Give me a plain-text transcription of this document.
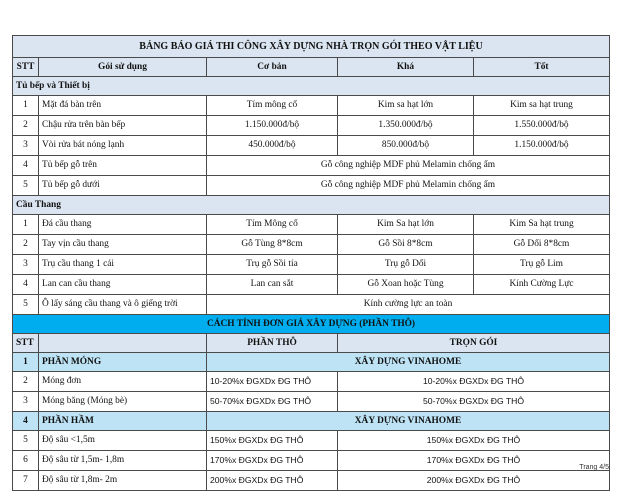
BẢNG BÁO GIÁ THI CÔNG XÂY DỰNG NHÀ TRỌN GÓI THEO VẬT LIỆU				
STT	Gói sử dụng	Cơ bản	Khá	Tốt
Tủ bếp và Thiết bị				
1	Mặt đá bàn trên	Tím mông cổ	Kim sa hạt lớn	Kim sa hạt trung
2	Chậu rửa trên bàn bếp	1.150.000đ/bộ	1.350.000đ/bộ	1.550.000đ/bộ
3	Vòi rửa bát nóng lạnh	450.000đ/bộ	850.000đ/bộ	1.150.000đ/bộ
4	Tủ bếp gỗ trên	Gỗ công nghiệp MDF phủ Melamin chống ẩm		
5	Tủ bếp gỗ dưới	Gỗ công nghiệp MDF phủ Melamin chống ẩm		
Cầu Thang				
1	Đá cầu thang	Tím Mông cổ	Kim Sa hạt lớn	Kim Sa hạt trung
2	Tay vịn cầu thang	Gỗ Tùng 8*8cm	Gỗ Sồi 8*8cm	Gỗ Dổi 8*8cm
3	Trụ cầu thang 1 cái	Trụ gỗ Sồi tía	Trụ gỗ Dổi	Trụ gỗ Lim
4	Lan can cầu thang	Lan can sắt	Gỗ Xoan hoặc Tùng	Kính Cường Lực
5	Ô lấy sáng cầu thang và ô giếng trời	Kính cường lực an toàn		
CÁCH TÍNH ĐƠN GIÁ XÂY DỰNG (PHẦN THÔ)				
STT		PHẦN THÔ	TRỌN GÓI	
1	PHẦN MÓNG	XÂY DỰNG VINAHOME		
2	Móng đơn	10-20%x ĐGXDx ĐG THÔ	10-20%x ĐGXDx ĐG THÔ	
3	Móng băng (Móng bè)	50-70%x ĐGXDx ĐG THÔ	50-70%x ĐGXDx ĐG THÔ	
4	PHẦN HẦM	XÂY DỰNG VINAHOME		
5	Độ sâu <1,5m	150%x ĐGXDx ĐG THÔ	150%x ĐGXDx ĐG THÔ	
6	Độ sâu từ 1,5m- 1,8m	170%x ĐGXDx ĐG THÔ	170%x ĐGXDx ĐG THÔ	
7	Độ sâu từ 1,8m- 2m	200%x ĐGXDx ĐG THÔ	200%x ĐGXDx ĐG THÔ	
Trang 4/5
